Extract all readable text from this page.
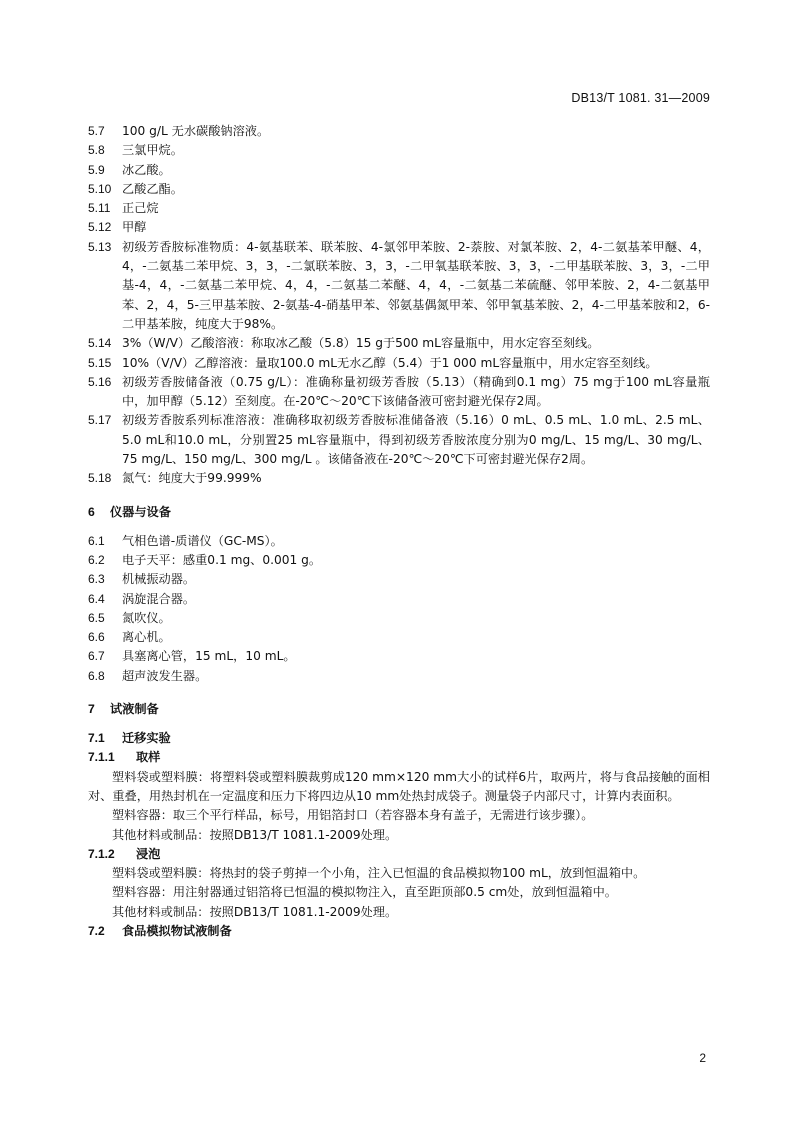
DB13/T 1081. 31—2009
5.7	100 g/L 无水碳酸钠溶液。
5.8	三氯甲烷。
5.9	冰乙酸。
5.10 乙酸乙酯。
5.11 正己烷
5.12 甲醇
5.13 初级芳香胺标准物质：4-氨基联苯、联苯胺、4-氯邻甲苯胺、2-萘胺、对氯苯胺、2，4-二氨基苯甲醚、4，4，-二氨基二苯甲烷、3，3，-二氯联苯胺、3，3，-二甲氧基联苯胺、3，3，-二甲基联苯胺、3，3，-二甲基-4，4，-二氨基二苯甲烷、4，4，-二氨基二苯醚、4，4，-二氨基二苯硫醚、邻甲苯胺、2，4-二氨基甲苯、2，4，5-三甲基苯胺、2-氨基-4-硝基甲苯、邻氨基偶氮甲苯、邻甲氧基苯胺、2，4-二甲基苯胺和2，6-二甲基苯胺，纯度大于98%。
5.14 3%（W/V）乙酸溶液：称取冰乙酸（5.8）15 g于500 mL容量瓶中，用水定容至刻线。
5.15 10%（V/V）乙醇溶液：量取100.0 mL无水乙醇（5.4）于1 000 mL容量瓶中，用水定容至刻线。
5.16 初级芳香胺储备液（0.75 g/L）：准确称量初级芳香胺（5.13）（精确到0.1 mg）75 mg于100 mL容量瓶中，加甲醇（5.12）至刻度。在-20℃～20℃下该储备液可密封避光保存2周。
5.17 初级芳香胺系列标准溶液：准确移取初级芳香胺标准储备液（5.16）0 mL、0.5 mL、1.0 mL、2.5 mL、5.0 mL和10.0 mL，分别置25 mL容量瓶中，得到初级芳香胺浓度分别为0 mg/L、15 mg/L、30 mg/L、75 mg/L、150 mg/L、300 mg/L 。该储备液在-20℃～20℃下可密封避光保存2周。
5.18 氮气：纯度大于99.999%
6	仪器与设备
6.1	气相色谱-质谱仪（GC-MS）。
6.2	电子天平：感重0.1 mg、0.001 g。
6.3	机械振动器。
6.4	涡旋混合器。
6.5	氮吹仪。
6.6	离心机。
6.7	具塞离心管，15 mL，10 mL。
6.8	超声波发生器。
7	试液制备
7.1	迁移实验
7.1.1	取样
塑料袋或塑料膜：将塑料袋或塑料膜裁剪成120 mm×120 mm大小的试样6片，取两片，将与食品接触的面相对、重叠，用热封机在一定温度和压力下将四边从10 mm处热封成袋子。测量袋子内部尺寸，计算内表面积。
塑料容器：取三个平行样品，标号，用铝箔封口（若容器本身有盖子，无需进行该步骤）。
其他材料或制品：按照DB13/T 1081.1-2009处理。
7.1.2	浸泡
塑料袋或塑料膜：将热封的袋子剪掉一个小角，注入已恒温的食品模拟物100 mL，放到恒温箱中。
塑料容器：用注射器通过铝箔将已恒温的模拟物注入，直至距顶部0.5 cm处，放到恒温箱中。
其他材料或制品：按照DB13/T 1081.1-2009处理。
7.2	食品模拟物试液制备
2
